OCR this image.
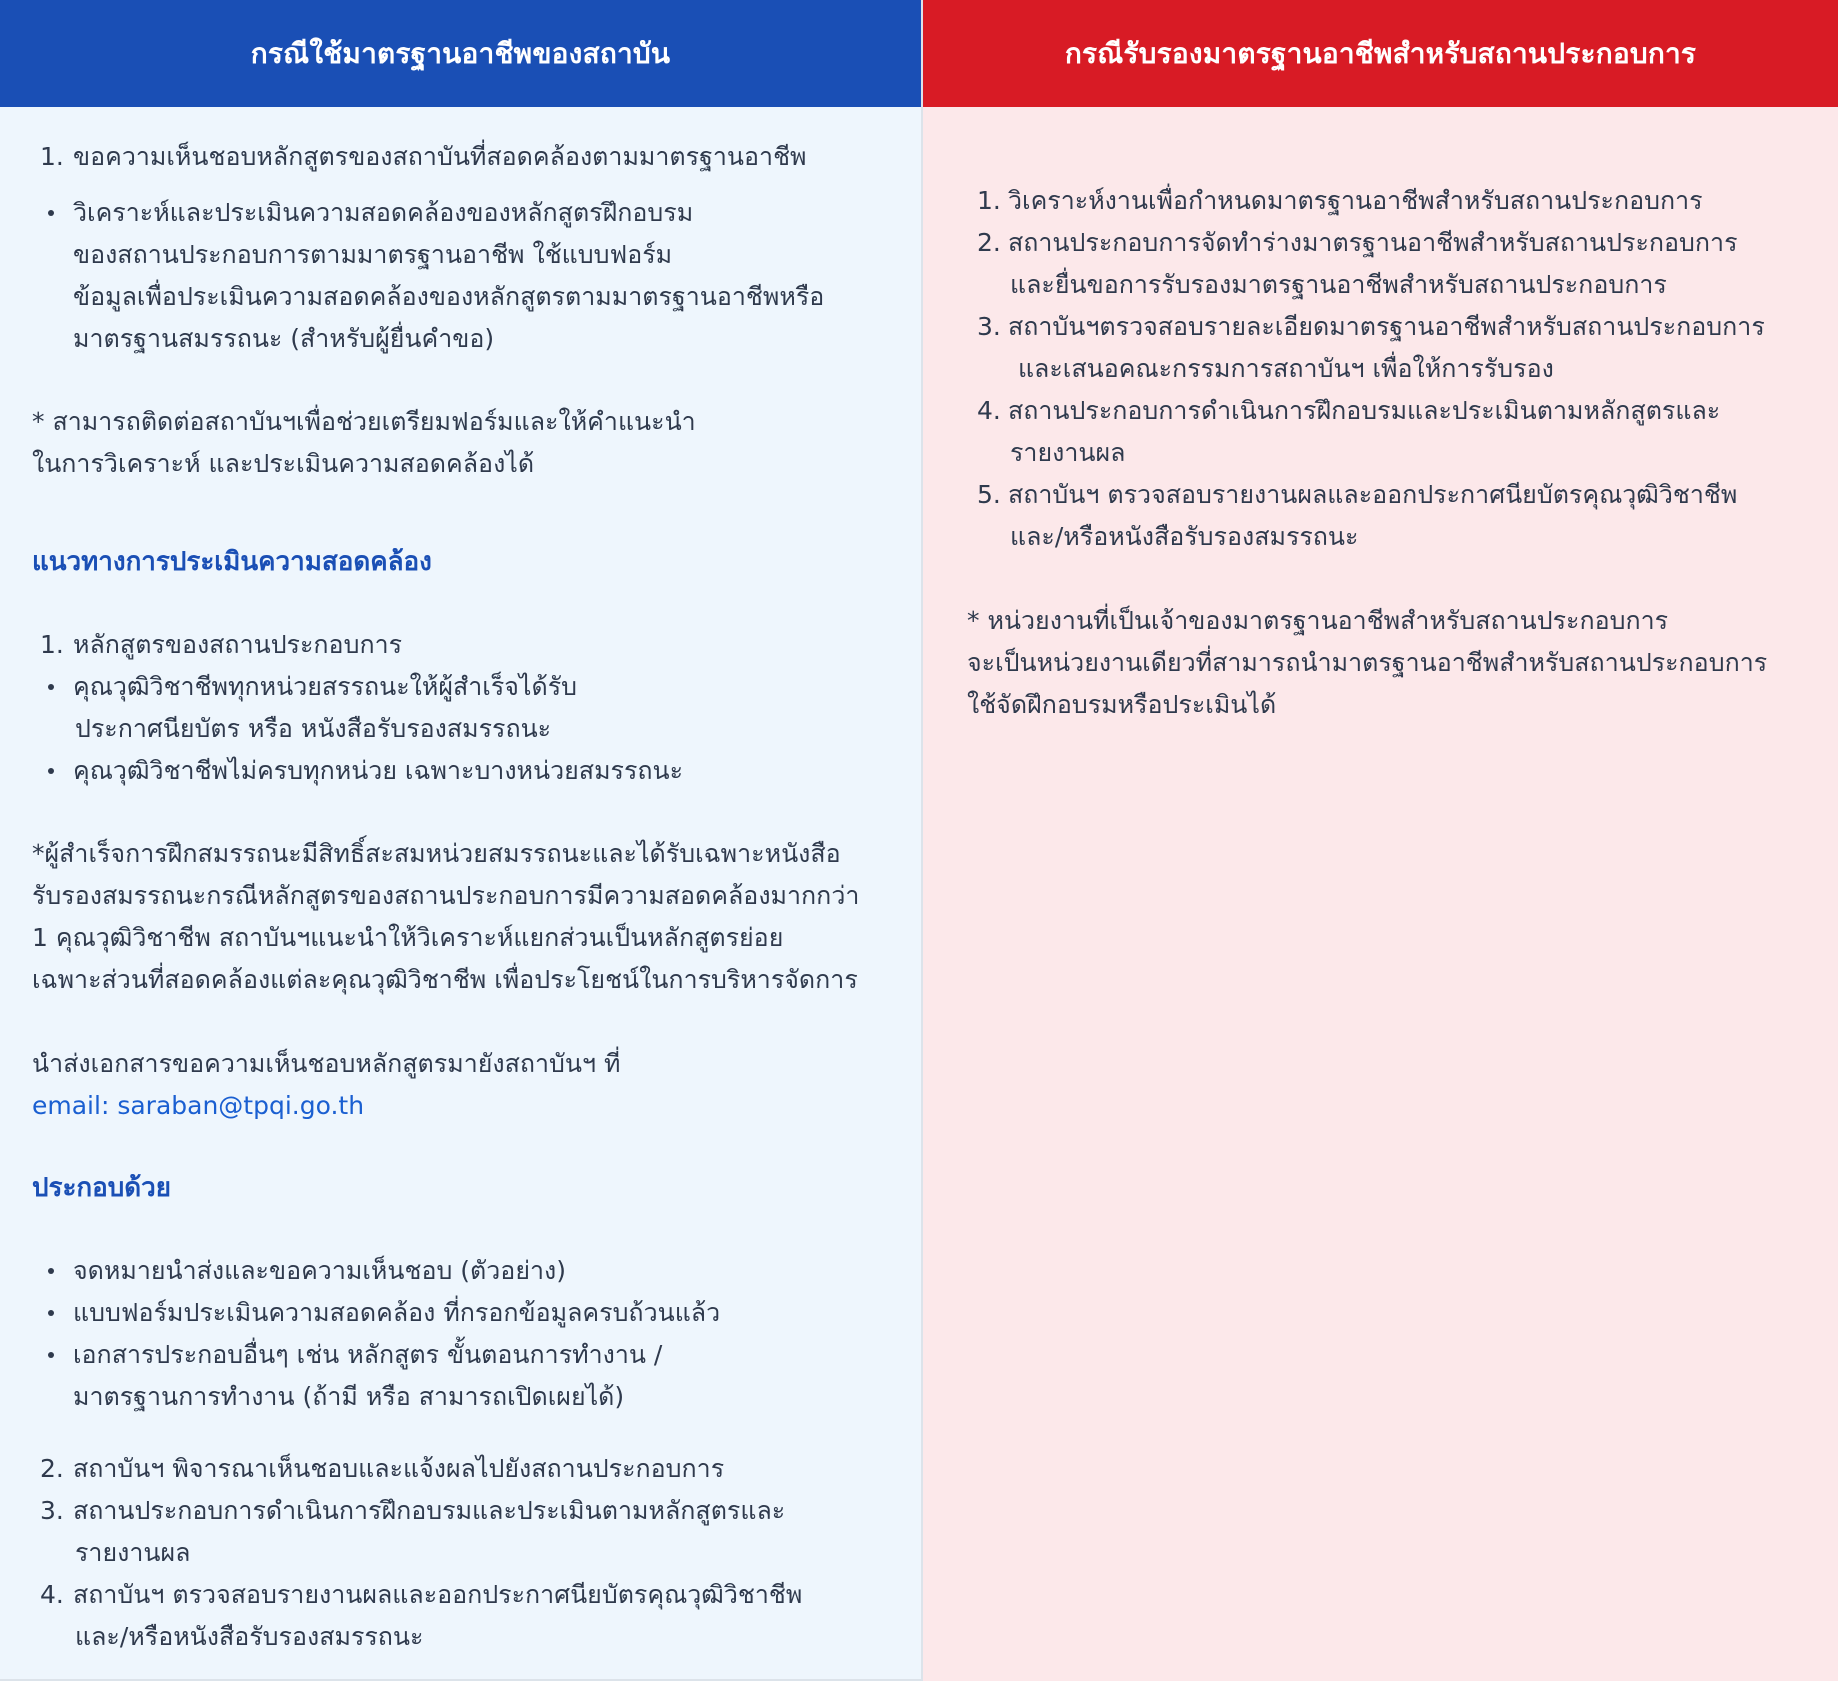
กรณีใช้มาตรฐานอาชีพของสถาบัน
1. ขอความเห็นชอบหลักสูตรของสถาบันที่สอดคล้องตามมาตรฐานอาชีพ
วิเคราะห์และประเมินความสอดคล้องของหลักสูตรฝึกอบรม
ของสถานประกอบการตามมาตรฐานอาชีพ ใช้แบบฟอร์ม
ข้อมูลเพื่อประเมินความสอดคล้องของหลักสูตรตามมาตรฐานอาชีพหรือ
มาตรฐานสมรรถนะ (สำหรับผู้ยื่นคำขอ)
* สามารถติดต่อสถาบันฯเพื่อช่วยเตรียมฟอร์มและให้คำแนะนำ
ในการวิเคราะห์ และประเมินความสอดคล้องได้
แนวทางการประเมินความสอดคล้อง
1. หลักสูตรของสถานประกอบการ
คุณวุฒิวิชาชีพทุกหน่วยสรรถนะให้ผู้สำเร็จได้รับ
ประกาศนียบัตร หรือ หนังสือรับรองสมรรถนะ
คุณวุฒิวิชาชีพไม่ครบทุกหน่วย เฉพาะบางหน่วยสมรรถนะ
*ผู้สำเร็จการฝึกสมรรถนะมีสิทธิ์สะสมหน่วยสมรรถนะและได้รับเฉพาะหนังสือ
รับรองสมรรถนะกรณีหลักสูตรของสถานประกอบการมีความสอดคล้องมากกว่า
1 คุณวุฒิวิชาชีพ สถาบันฯแนะนำให้วิเคราะห์แยกส่วนเป็นหลักสูตรย่อย
เฉพาะส่วนที่สอดคล้องแต่ละคุณวุฒิวิชาชีพ เพื่อประโยชน์ในการบริหารจัดการ
นำส่งเอกสารขอความเห็นชอบหลักสูตรมายังสถาบันฯ ที่
email: saraban@tpqi.go.th
ประกอบด้วย
จดหมายนำส่งและขอความเห็นชอบ (ตัวอย่าง)
แบบฟอร์มประเมินความสอดคล้อง ที่กรอกข้อมูลครบถ้วนแล้ว
เอกสารประกอบอื่นๆ เช่น หลักสูตร ขั้นตอนการทำงาน /
มาตรฐานการทำงาน (ถ้ามี หรือ สามารถเปิดเผยได้)
2. สถาบันฯ พิจารณาเห็นชอบและแจ้งผลไปยังสถานประกอบการ
3. สถานประกอบการดำเนินการฝึกอบรมและประเมินตามหลักสูตรและ
รายงานผล
4. สถาบันฯ ตรวจสอบรายงานผลและออกประกาศนียบัตรคุณวุฒิวิชาชีพ
และ/หรือหนังสือรับรองสมรรถนะ
กรณีรับรองมาตรฐานอาชีพสำหรับสถานประกอบการ
1. วิเคราะห์งานเพื่อกำหนดมาตรฐานอาชีพสำหรับสถานประกอบการ
2. สถานประกอบการจัดทำร่างมาตรฐานอาชีพสำหรับสถานประกอบการ
และยื่นขอการรับรองมาตรฐานอาชีพสำหรับสถานประกอบการ
3. สถาบันฯตรวจสอบรายละเอียดมาตรฐานอาชีพสำหรับสถานประกอบการ
และเสนอคณะกรรมการสถาบันฯ เพื่อให้การรับรอง
4. สถานประกอบการดำเนินการฝึกอบรมและประเมินตามหลักสูตรและ
รายงานผล
5. สถาบันฯ ตรวจสอบรายงานผลและออกประกาศนียบัตรคุณวุฒิวิชาชีพ
และ/หรือหนังสือรับรองสมรรถนะ
* หน่วยงานที่เป็นเจ้าของมาตรฐานอาชีพสำหรับสถานประกอบการ
จะเป็นหน่วยงานเดียวที่สามารถนำมาตรฐานอาชีพสำหรับสถานประกอบการ
ใช้จัดฝึกอบรมหรือประเมินได้
